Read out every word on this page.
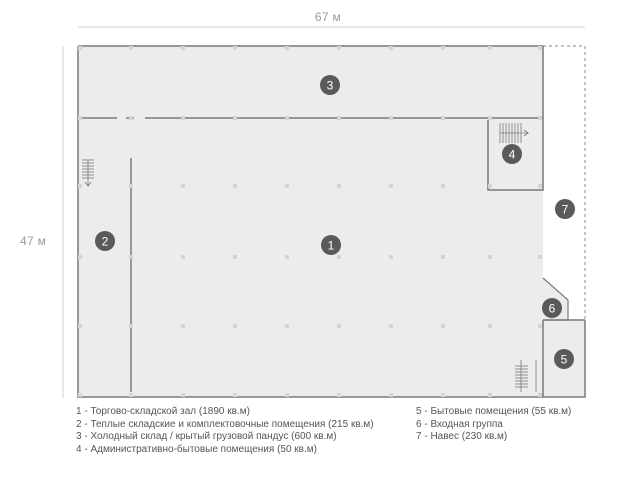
1
2
3
4
5
6
7
67 м
47 м
1 - Торгово-складской зал (1890 кв.м)
2 - Теплые складские и комплектовочные помещения (215 кв.м)
3 - Холодный склад / крытый грузовой пандус (600 кв.м)
4 - Административно-бытовые помещения (50 кв.м)
5 - Бытовые помещения (55 кв.м)
6 - Входная группа
7 - Навес (230 кв.м)
